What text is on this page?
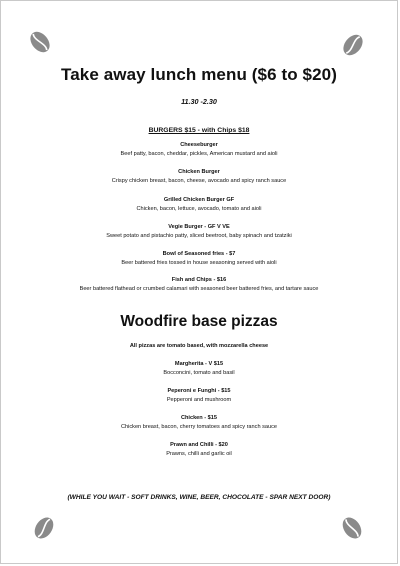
Take away lunch menu ($6 to $20)
11.30 -2.30
BURGERS $15 - with Chips $18
Cheeseburger
Beef patty, bacon, cheddar, pickles, American mustard and aioli
Chicken Burger
Crispy chicken breast, bacon, cheese, avocado and spicy ranch sauce
Grilled Chicken Burger GF
Chicken, bacon, lettuce, avocado, tomato and aioli
Vegie Burger - GF V VE
Sweet potato and pistachio patty, sliced beetroot, baby spinach and tzatziki
Bowl of Seasoned fries - $7
Beer battered fries tossed in house seasoning served with aioli
Fish and Chips - $16
Beer battered flathead or crumbed calamari with seasoned beer battered fries, and tartare sauce
Woodfire base pizzas
All pizzas are tomato based, with mozzarella cheese
Margherita - V $15
Bocconcini, tomato and basil
Peperoni e Funghi - $15
Pepperoni and mushroom
Chicken - $15
Chicken breast, bacon, cherry tomatoes and spicy ranch sauce
Prawn and Chilli - $20
Prawns, chilli and garlic oil
(WHILE YOU WAIT - SOFT DRINKS, WINE, BEER, CHOCOLATE - SPAR NEXT DOOR)
